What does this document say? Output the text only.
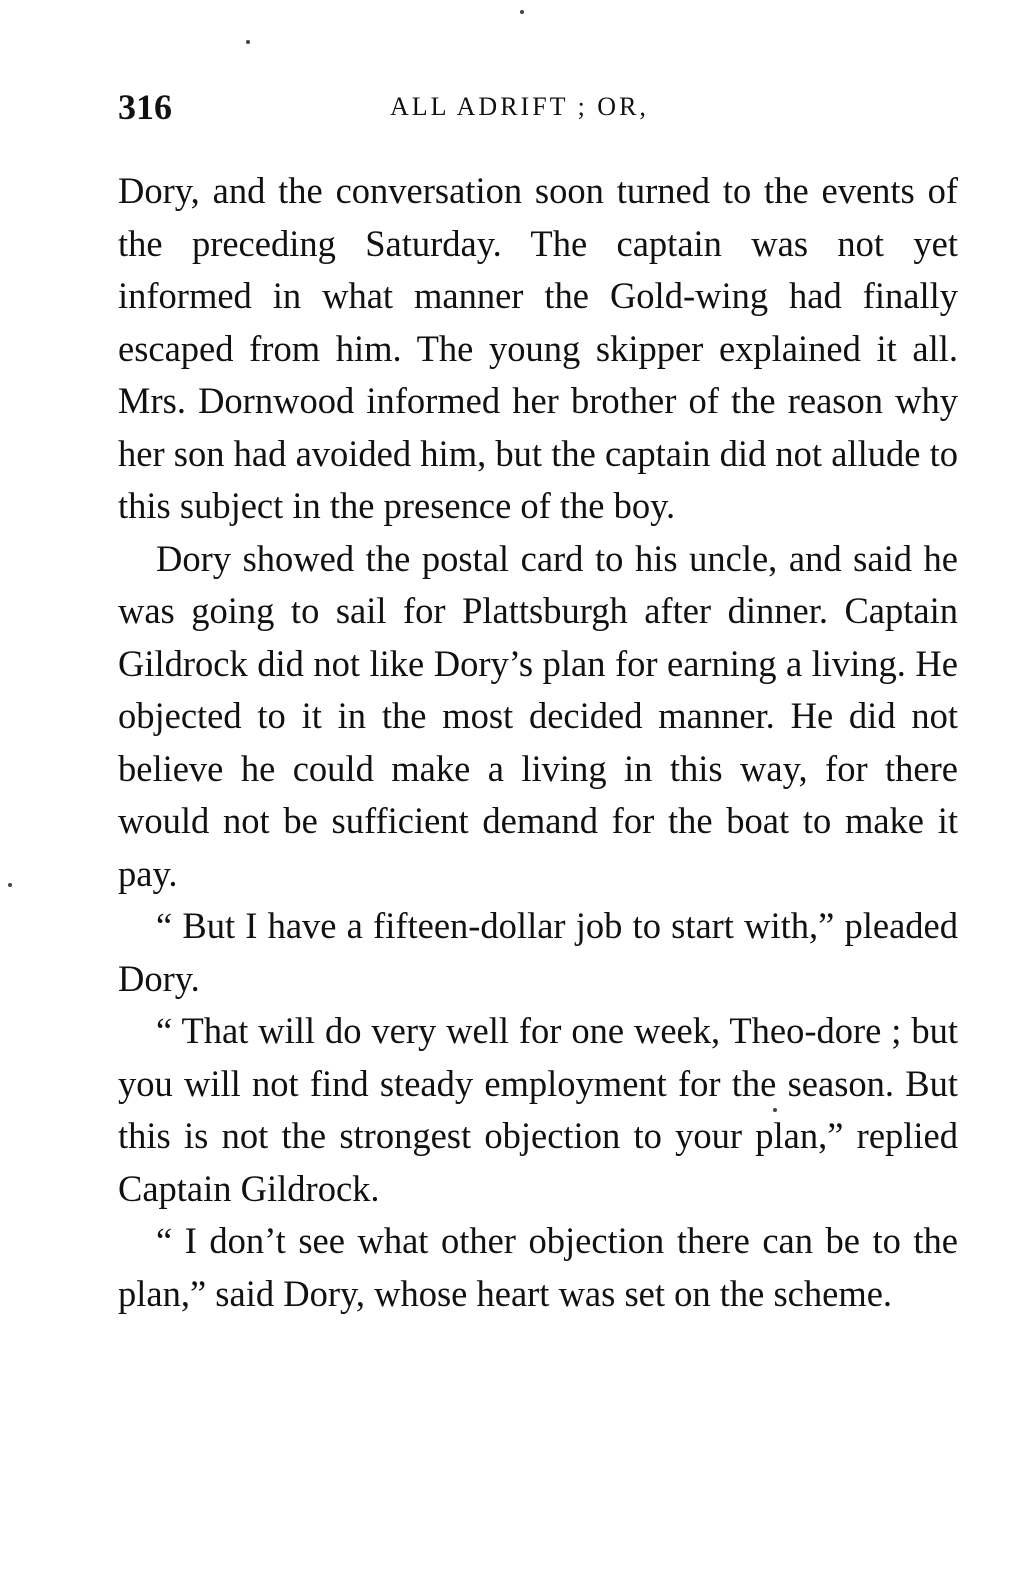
316	ALL ADRIFT ; OR,

Dory, and the conversation soon turned to the events of the preceding Saturday. The captain was not yet informed in what manner the Gold-wing had finally escaped from him. The young skipper explained it all. Mrs. Dornwood informed her brother of the reason why her son had avoided him, but the captain did not allude to this subject in the presence of the boy.

Dory showed the postal card to his uncle, and said he was going to sail for Plattsburgh after dinner. Captain Gildrock did not like Dory’s plan for earning a living. He objected to it in the most decided manner. He did not believe he could make a living in this way, for there would not be sufficient demand for the boat to make it pay.

“ But I have a fifteen-dollar job to start with,” pleaded Dory.

“ That will do very well for one week, Theo-dore ; but you will not find steady employment for the season. But this is not the strongest objection to your plan,” replied Captain Gildrock.

“ I don’t see what other objection there can be to the plan,” said Dory, whose heart was set on the scheme.
